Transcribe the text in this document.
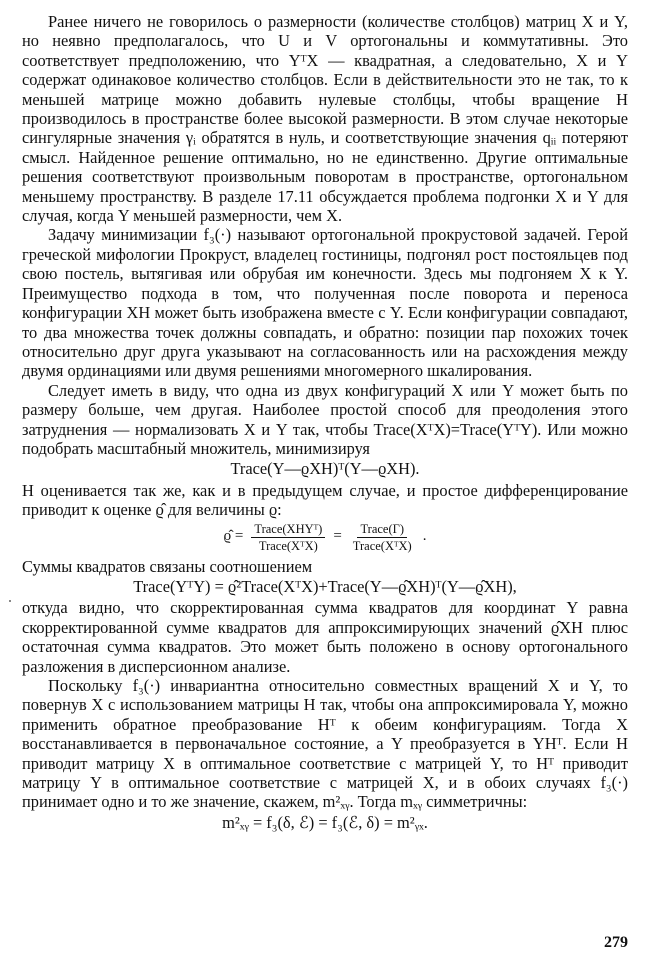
Ранее ничего не говорилось о размерности (количестве столбцов) матриц X и Y, но неявно предполагалось, что U и V ортогональны и коммутативны. Это соответствует предположению, что YᵀX — квадратная, а следовательно, X и Y содержат одинаковое количество столбцов. Если в действительности это не так, то к меньшей матрице можно добавить нулевые столбцы, чтобы вращение H производилось в пространстве более высокой размерности. В этом случае некоторые сингулярные значения γᵢ обратятся в нуль, и соответствующие значения qᵢᵢ потеряют смысл. Найденное решение оптимально, но не единственно. Другие оптимальные решения соответствуют произвольным поворотам в пространстве, ортогональном меньшему пространству. В разделе 17.11 обсуждается проблема подгонки X и Y для случая, когда Y меньшей размерности, чем X.

Задачу минимизации f₃(·) называют ортогональной прокрустовой задачей. Герой греческой мифологии Прокруст, владелец гостиницы, подгонял рост постояльцев под свою постель, вытягивая или обрубая им конечности. Здесь мы подгоняем X к Y. Преимущество подхода в том, что полученная после поворота и переноса конфигурации XH может быть изображена вместе с Y. Если конфигурации совпадают, то два множества точек должны совпадать, и обратно: позиции пар похожих точек относительно друг друга указывают на согласованность или на расхождения между двумя ординациями или двумя решениями многомерного шкалирования.

Следует иметь в виду, что одна из двух конфигураций X или Y может быть по размеру больше, чем другая. Наиболее простой способ для преодоления этого затруднения — нормализовать X и Y так, чтобы Trace(XᵀX)=Trace(YᵀY). Или можно подобрать масштабный множитель, минимизируя

Trace(Y—ϱXH)ᵀ(Y—ϱXH).

H оценивается так же, как и в предыдущем случае, и простое дифференцирование приводит к оценке ϱ̂ для величины ϱ:

ϱ̂ = $\frac{\text{Trace(XHYᵀ)}}{\text{Trace(XᵀX)}} = \frac{\text{Trace(Γ)}}{\text{Trace(XᵀX)}}$ .

Суммы квадратов связаны соотношением

Trace(YᵀY) = ϱ̂²Trace(XᵀX)+Trace(Y—ϱ̂XH)ᵀ(Y—ϱ̂XH),

откуда видно, что скорректированная сумма квадратов для координат Y равна скорректированной сумме квадратов для аппроксимирующих значений ϱ̂XH плюс остаточная сумма квадратов. Это может быть положено в основу ортогонального разложения в дисперсионном анализе.

Поскольку f₃(·) инвариантна относительно совместных вращений X и Y, то повернув X с использованием матрицы H так, чтобы она аппроксимировала Y, можно применить обратное преобразование Hᵀ к обеим конфигурациям. Тогда X восстанавливается в первоначальное состояние, а Y преобразуется в YHᵀ. Если H приводит матрицу X в оптимальное соответствие с матрицей Y, то Hᵀ приводит матрицу Y в оптимальное соответствие с матрицей X, и в обоих случаях f₃(·) принимает одно и то же значение, скажем, m²ₓᵧ. Тогда mₓᵧ симметричны:

m²ₓᵧ = f₃(δ, ℰ) = f₃(ℰ, δ) = m²ᵧₓ.
279
